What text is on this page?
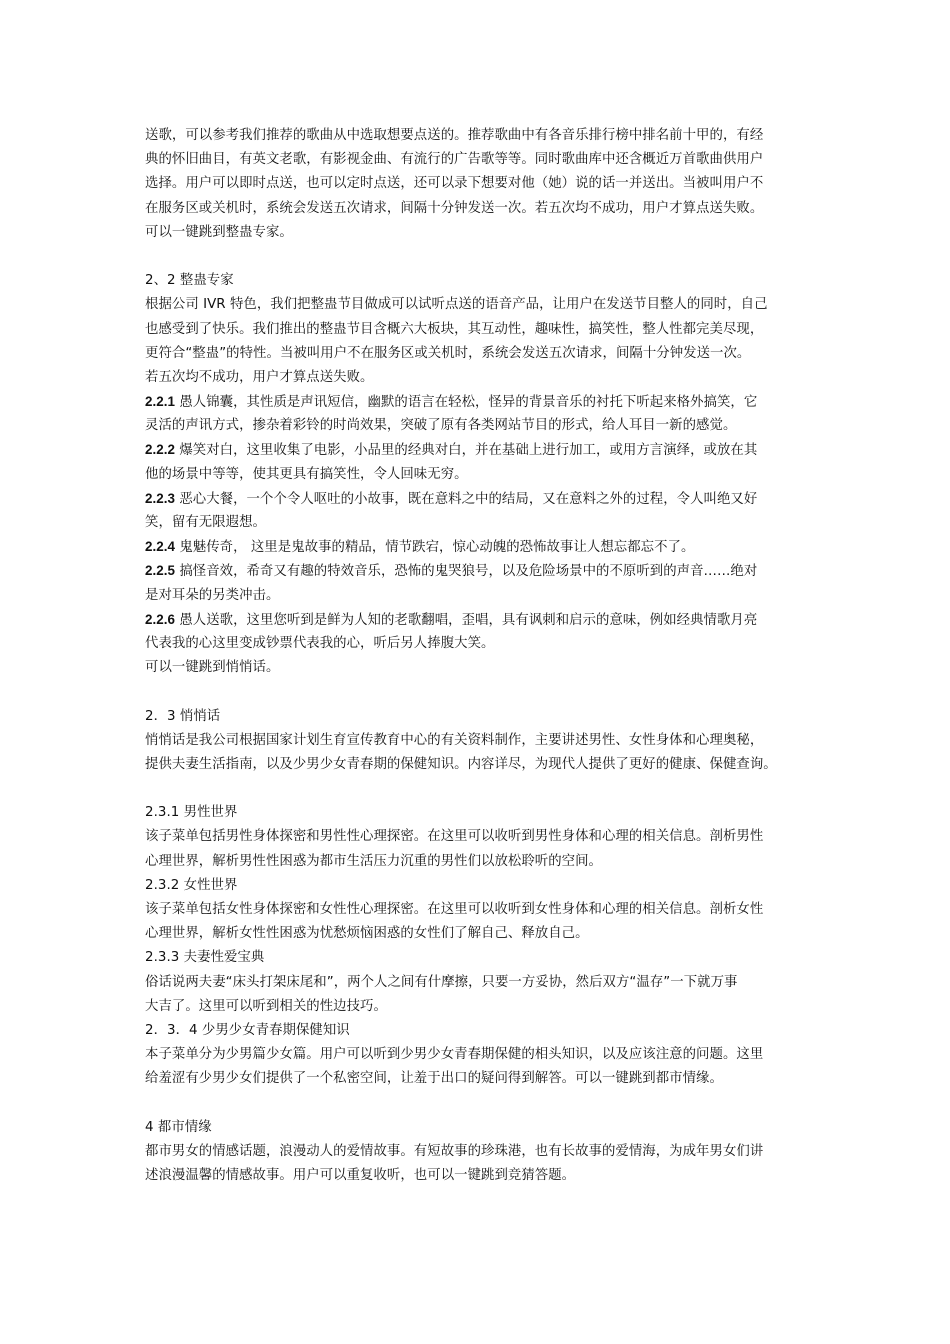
送歌，可以参考我们推荐的歌曲从中选取想要点送的。推荐歌曲中有各音乐排行榜中排名前十甲的，有经
典的怀旧曲目，有英文老歌，有影视金曲、有流行的广告歌等等。同时歌曲库中还含概近万首歌曲供用户
选择。用户可以即时点送，也可以定时点送，还可以录下想要对他（她）说的话一并送出。当被叫用户不
在服务区或关机时，系统会发送五次请求，间隔十分钟发送一次。若五次均不成功，用户才算点送失败。
可以一键跳到整蛊专家。
2、2 整蛊专家
根据公司 IVR 特色，我们把整蛊节目做成可以试听点送的语音产品，让用户在发送节目整人的同时，自己
也感受到了快乐。我们推出的整蛊节目含概六大板块，其互动性，趣味性，搞笑性，整人性都完美尽现，
更符合“整蛊”的特性。当被叫用户不在服务区或关机时，系统会发送五次请求，间隔十分钟发送一次。
若五次均不成功，用户才算点送失败。
2.2.1 愚人锦囊，其性质是声讯短信，幽默的语言在轻松，怪异的背景音乐的衬托下听起来格外搞笑，它
灵活的声讯方式，掺杂着彩铃的时尚效果，突破了原有各类网站节目的形式，给人耳目一新的感觉。
2.2.2 爆笑对白，这里收集了电影，小品里的经典对白，并在基础上进行加工，或用方言演绎，或放在其
他的场景中等等，使其更具有搞笑性，令人回味无穷。
2.2.3 恶心大餐，一个个令人呕吐的小故事，既在意料之中的结局，又在意料之外的过程，令人叫绝又好
笑，留有无限遐想。
2.2.4 鬼魅传奇， 这里是鬼故事的精品，情节跌宕，惊心动魄的恐怖故事让人想忘都忘不了。
2.2.5 搞怪音效，希奇又有趣的特效音乐，恐怖的鬼哭狼号，以及危险场景中的不原听到的声音……绝对
是对耳朵的另类冲击。
2.2.6 愚人送歌，这里您听到是鲜为人知的老歌翻唱，歪唱，具有讽刺和启示的意味，例如经典情歌月亮
代表我的心这里变成钞票代表我的心，听后另人捧腹大笑。
可以一键跳到悄悄话。
2．3 悄悄话
悄悄话是我公司根据国家计划生育宣传教育中心的有关资料制作，主要讲述男性、女性身体和心理奥秘，
提供夫妻生活指南，以及少男少女青春期的保健知识。内容详尽，为现代人提供了更好的健康、保健查询。
2.3.1 男性世界
该子菜单包括男性身体探密和男性性心理探密。在这里可以收听到男性身体和心理的相关信息。剖析男性
心理世界，解析男性性困惑为都市生活压力沉重的男性们以放松聆听的空间。
2.3.2 女性世界
该子菜单包括女性身体探密和女性性心理探密。在这里可以收听到女性身体和心理的相关信息。剖析女性
心理世界，解析女性性困惑为忧愁烦恼困惑的女性们了解自己、释放自己。
2.3.3 夫妻性爱宝典
俗话说两夫妻“床头打架床尾和”，两个人之间有什摩擦，只要一方妥协，然后双方“温存”一下就万事
大吉了。这里可以听到相关的性边技巧。
2．3．4 少男少女青春期保健知识
本子菜单分为少男篇少女篇。用户可以听到少男少女青春期保健的相头知识，以及应该注意的问题。这里
给羞涩有少男少女们提供了一个私密空间，让羞于出口的疑问得到解答。可以一键跳到都市情缘。
4 都市情缘
都市男女的情感话题，浪漫动人的爱情故事。有短故事的珍珠港，也有长故事的爱情海，为成年男女们讲
述浪漫温馨的情感故事。用户可以重复收听，也可以一键跳到竞猜答题。
